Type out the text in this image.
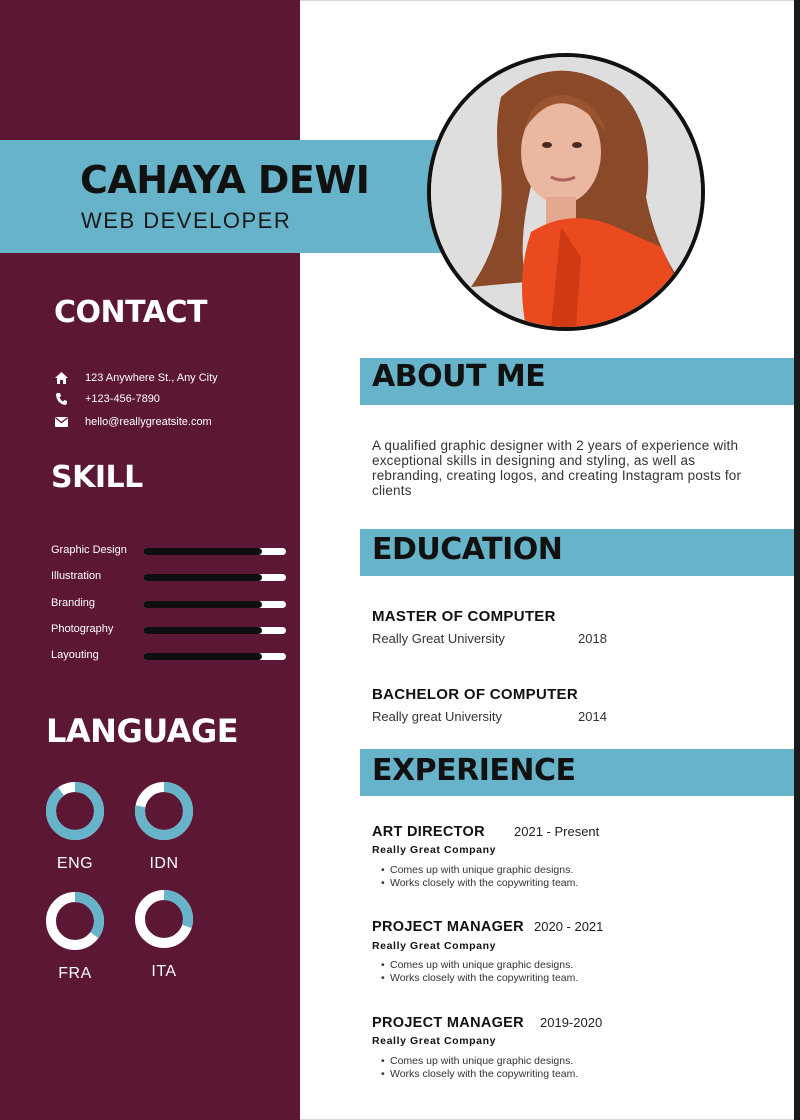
CAHAYA DEWI
WEB DEVELOPER
CONTACT
123 Anywhere St., Any City
+123-456-7890
hello@reallygreatsite.com
SKILL
Graphic Design
Illustration
Branding
Photography
Layouting
LANGUAGE
ENG	IDN
FRA	ITA
ABOUT ME
A qualified graphic designer with 2 years of experience with exceptional skills in designing and styling, as well as rebranding, creating logos, and creating Instagram posts for clients
EDUCATION
MASTER OF COMPUTER
Really Great University	2018
BACHELOR OF COMPUTER
Really great University	2014
EXPERIENCE
ART DIRECTOR 2021 - Present
Really Great Company
• Comes up with unique graphic designs.
• Works closely with the copywriting team.
PROJECT MANAGER 2020 - 2021
Really Great Company
• Comes up with unique graphic designs.
• Works closely with the copywriting team.
PROJECT MANAGER 2019-2020
Really Great Company
• Comes up with unique graphic designs.
• Works closely with the copywriting team.
